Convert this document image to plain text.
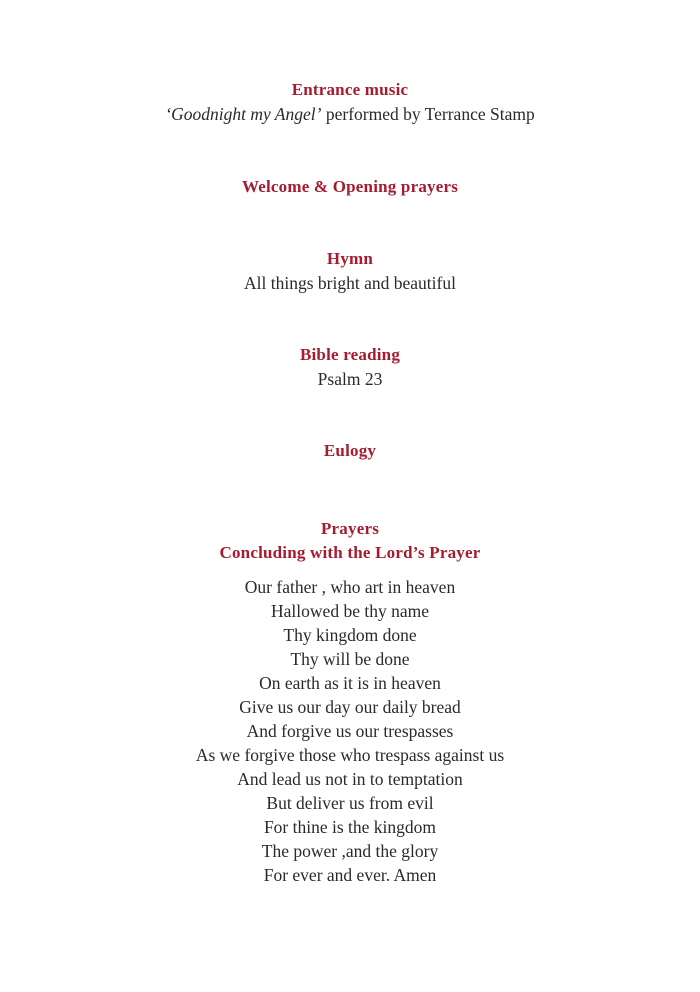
Entrance music
‘Goodnight my Angel’ performed by Terrance Stamp
Welcome & Opening prayers
Hymn
All things bright and beautiful
Bible reading
Psalm 23
Eulogy
Prayers
Concluding with the Lord’s Prayer
Our father , who art in heaven
Hallowed be thy name
Thy kingdom done
Thy will be done
On earth as it is in heaven
Give us our day our daily bread
And forgive us our trespasses
As we forgive those who trespass against us
And lead us not in to temptation
But deliver us from evil
For thine is the kingdom
The power ,and the glory
For ever and ever. Amen
